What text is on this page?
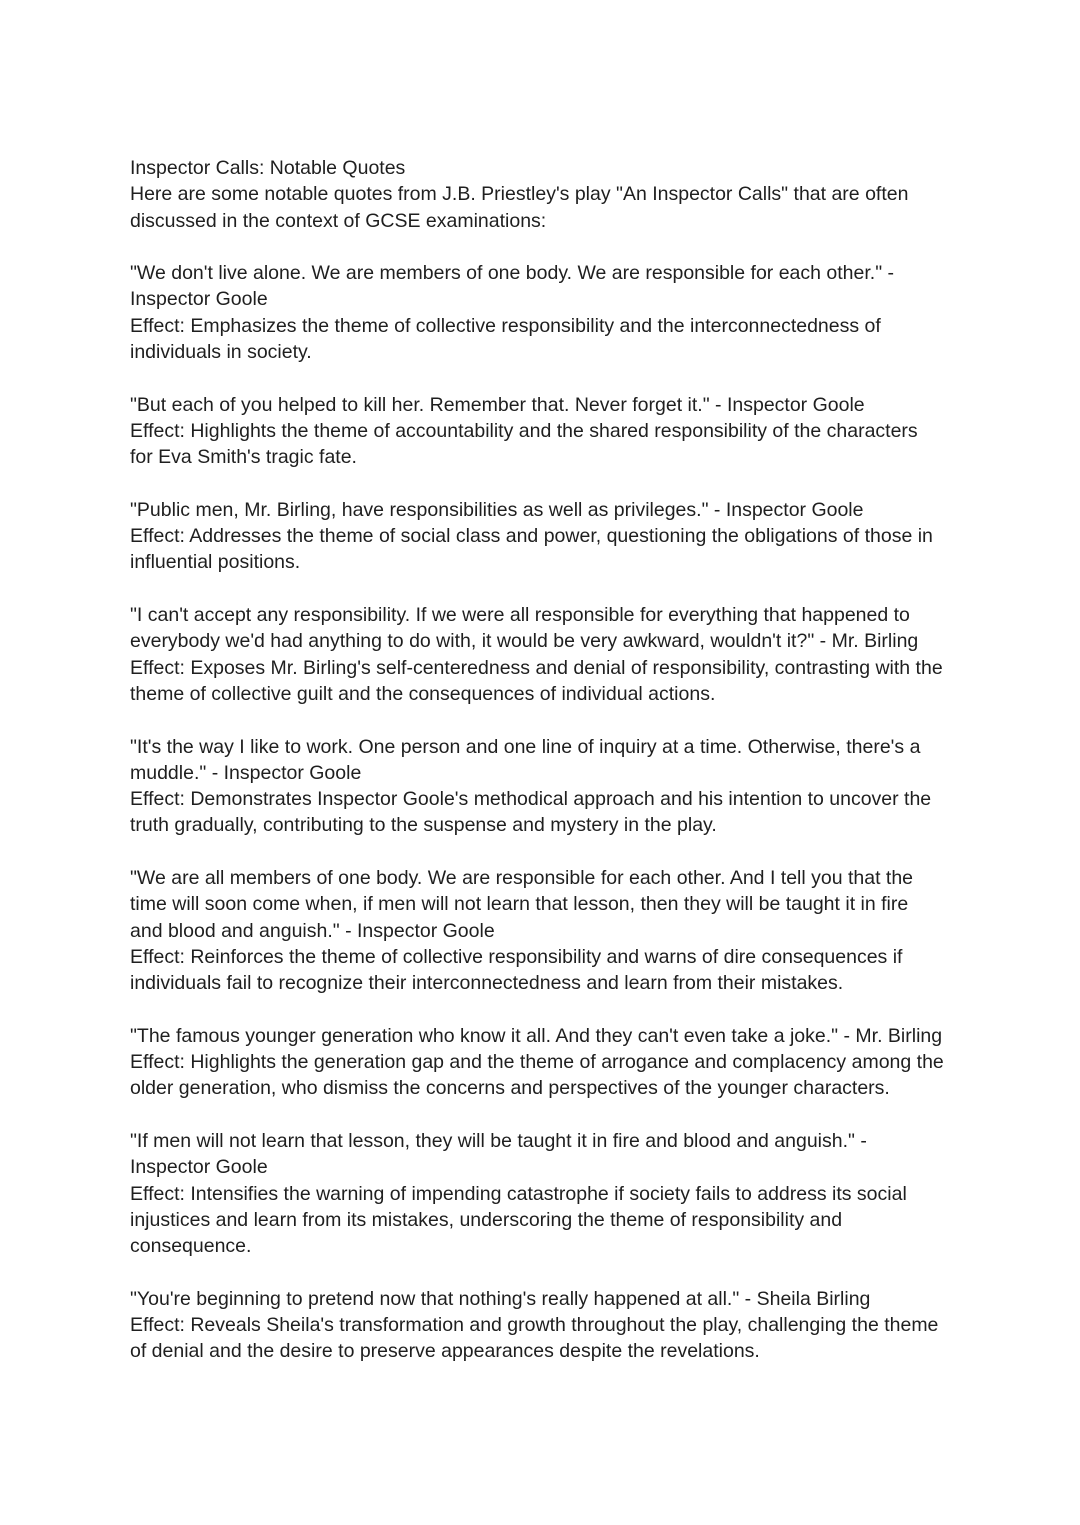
Inspector Calls: Notable Quotes
Here are some notable quotes from J.B. Priestley's play "An Inspector Calls" that are often discussed in the context of GCSE examinations:
"We don't live alone. We are members of one body. We are responsible for each other." - Inspector Goole
Effect: Emphasizes the theme of collective responsibility and the interconnectedness of individuals in society.
"But each of you helped to kill her. Remember that. Never forget it." - Inspector Goole
Effect: Highlights the theme of accountability and the shared responsibility of the characters for Eva Smith's tragic fate.
"Public men, Mr. Birling, have responsibilities as well as privileges." - Inspector Goole
Effect: Addresses the theme of social class and power, questioning the obligations of those in influential positions.
"I can't accept any responsibility. If we were all responsible for everything that happened to everybody we'd had anything to do with, it would be very awkward, wouldn't it?" - Mr. Birling
Effect: Exposes Mr. Birling's self-centeredness and denial of responsibility, contrasting with the theme of collective guilt and the consequences of individual actions.
"It's the way I like to work. One person and one line of inquiry at a time. Otherwise, there's a muddle." - Inspector Goole
Effect: Demonstrates Inspector Goole's methodical approach and his intention to uncover the truth gradually, contributing to the suspense and mystery in the play.
"We are all members of one body. We are responsible for each other. And I tell you that the time will soon come when, if men will not learn that lesson, then they will be taught it in fire and blood and anguish." - Inspector Goole
Effect: Reinforces the theme of collective responsibility and warns of dire consequences if individuals fail to recognize their interconnectedness and learn from their mistakes.
"The famous younger generation who know it all. And they can't even take a joke." - Mr. Birling
Effect: Highlights the generation gap and the theme of arrogance and complacency among the older generation, who dismiss the concerns and perspectives of the younger characters.
"If men will not learn that lesson, they will be taught it in fire and blood and anguish." - Inspector Goole
Effect: Intensifies the warning of impending catastrophe if society fails to address its social injustices and learn from its mistakes, underscoring the theme of responsibility and consequence.
"You're beginning to pretend now that nothing's really happened at all." - Sheila Birling
Effect: Reveals Sheila's transformation and growth throughout the play, challenging the theme of denial and the desire to preserve appearances despite the revelations.
